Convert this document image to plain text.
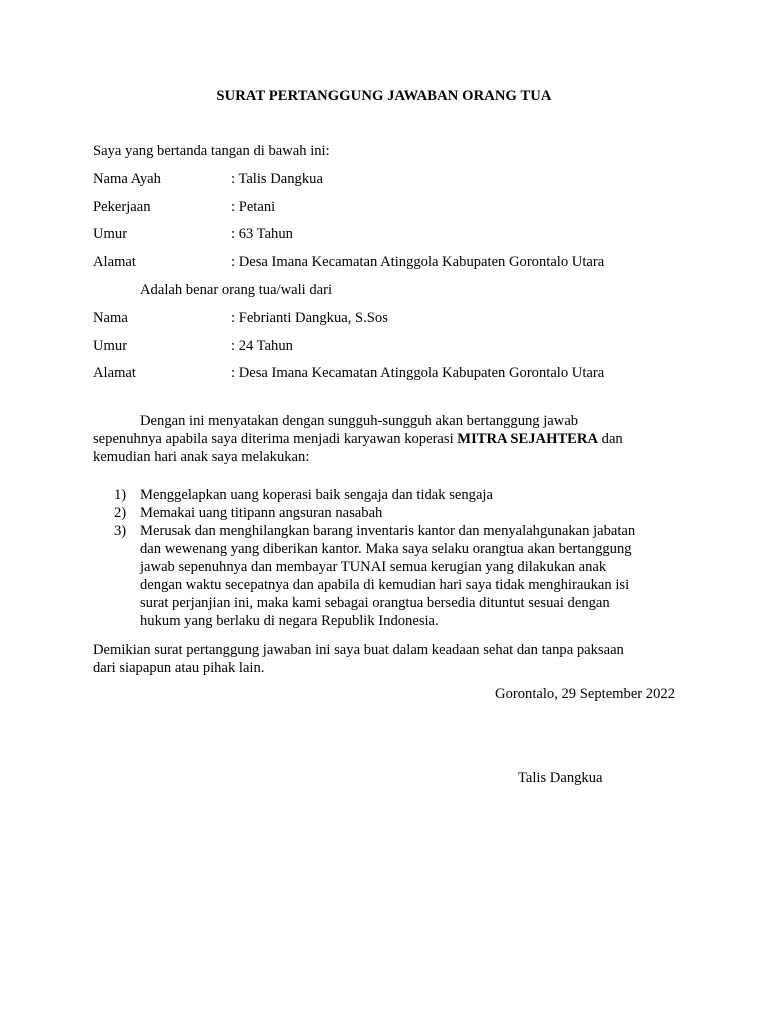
SURAT PERTANGGUNG JAWABAN ORANG TUA
Saya yang bertanda tangan di bawah ini:
Nama Ayah	: Talis Dangkua
Pekerjaan	: Petani
Umur	: 63 Tahun
Alamat	: Desa Imana Kecamatan Atinggola Kabupaten Gorontalo Utara
Adalah benar orang tua/wali dari
Nama	: Febrianti Dangkua, S.Sos
Umur	: 24 Tahun
Alamat	: Desa Imana Kecamatan Atinggola Kabupaten Gorontalo Utara
Dengan ini menyatakan dengan sungguh-sungguh akan bertanggung jawab
sepenuhnya apabila saya diterima menjadi karyawan koperasi MITRA SEJAHTERA dan
kemudian hari anak saya melakukan:
1) Menggelapkan uang koperasi baik sengaja dan tidak sengaja
2) Memakai uang titipann angsuran nasabah
3) Merusak dan menghilangkan barang inventaris kantor dan menyalahgunakan jabatan
dan wewenang yang diberikan kantor. Maka saya selaku orangtua akan bertanggung
jawab sepenuhnya dan membayar TUNAI semua kerugian yang dilakukan anak
dengan waktu secepatnya dan apabila di kemudian hari saya tidak menghiraukan isi
surat perjanjian ini, maka kami sebagai orangtua bersedia dituntut sesuai dengan
hukum yang berlaku di negara Republik Indonesia.
Demikian surat pertanggung jawaban ini saya buat dalam keadaan sehat dan tanpa paksaan
dari siapapun atau pihak lain.
Gorontalo, 29 September 2022
Talis Dangkua
